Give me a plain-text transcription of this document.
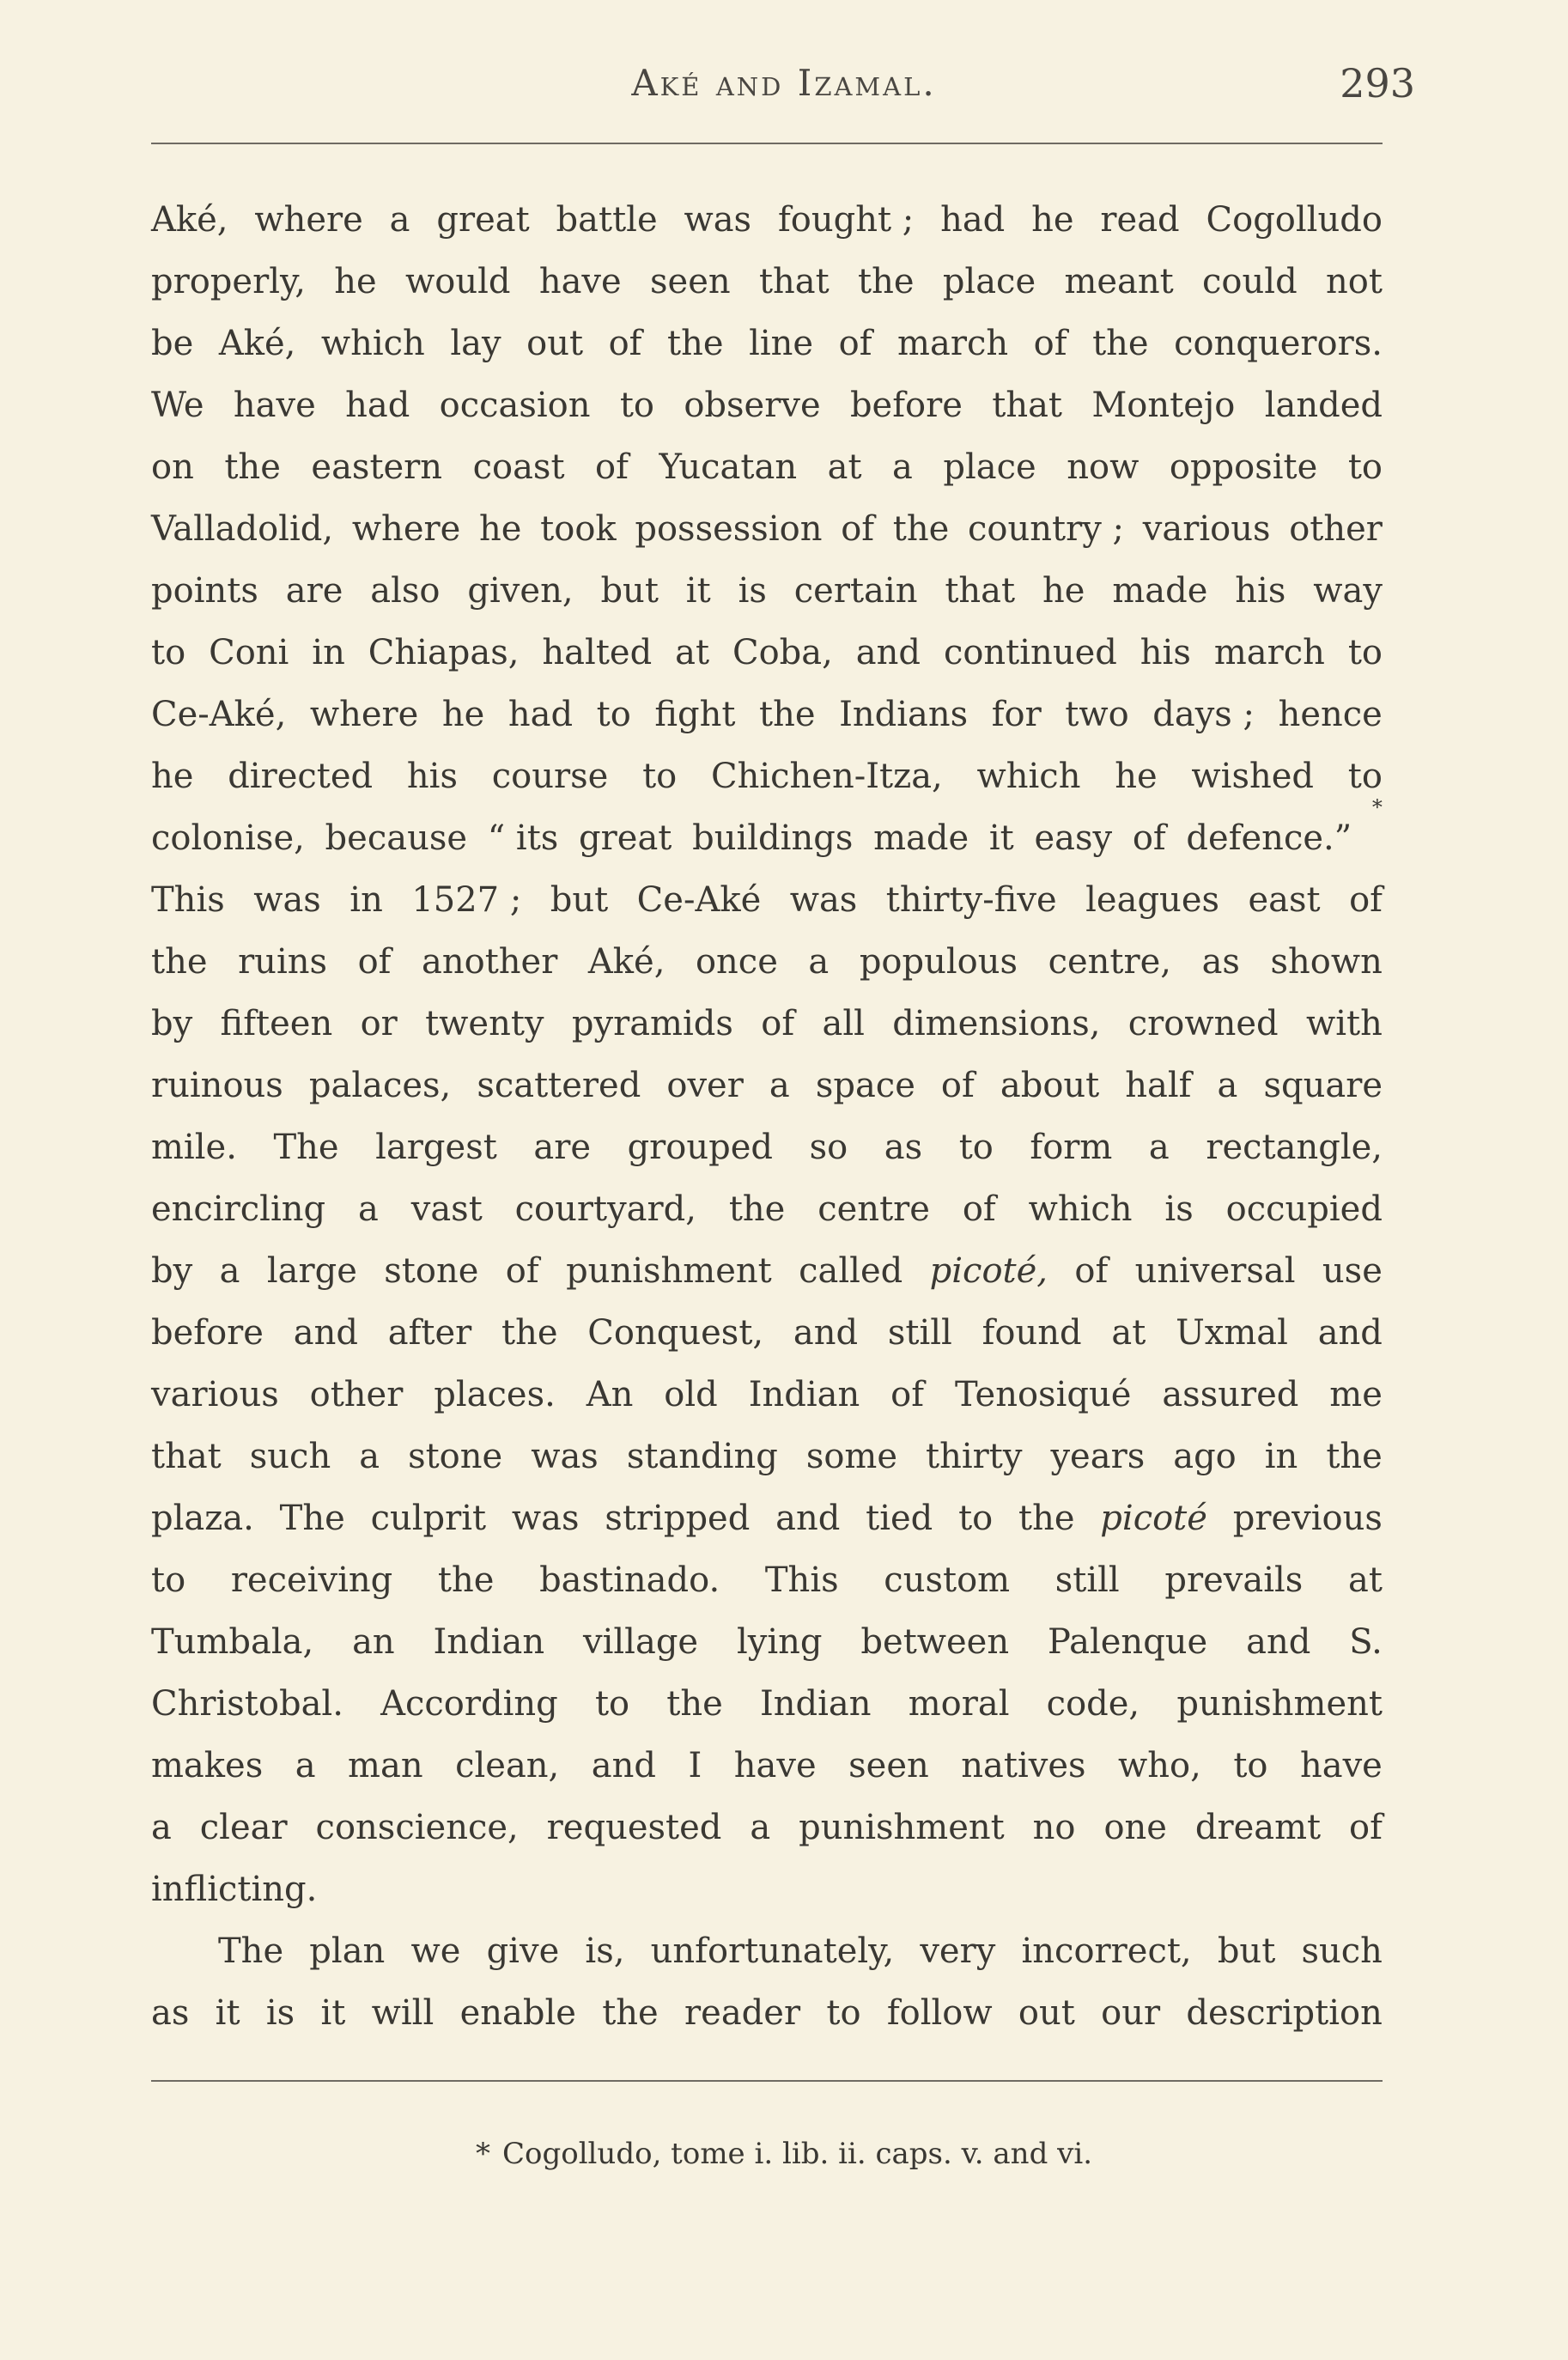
Aké and Izamal.	293
Aké, where a great battle was fought ; had he read Cogolludo
properly, he would have seen that the place meant could not
be Aké, which lay out of the line of march of the conquerors.
We have had occasion to observe before that Montejo landed
on the eastern coast of Yucatan at a place now opposite to
Valladolid, where he took possession of the country ; various other
points are also given, but it is certain that he made his way
to Coni in Chiapas, halted at Coba, and continued his march to
Ce-Aké, where he had to fight the Indians for two days ; hence
he directed his course to Chichen-Itza, which he wished to
colonise, because “ its great buildings made it easy of defence.”
*
This was in 1527 ; but Ce-Aké was thirty-five leagues east of
the ruins of another Aké, once a populous centre, as shown
by fifteen or twenty pyramids of all dimensions, crowned with
ruinous palaces, scattered over a space of about half a square
mile. The largest are grouped so as to form a rectangle,
encircling a vast courtyard, the centre of which is occupied
by a large stone of punishment called picoté, of universal use
before and after the Conquest, and still found at Uxmal and
various other places. An old Indian of Tenosiqué assured me
that such a stone was standing some thirty years ago in the
plaza. The culprit was stripped and tied to the picoté previous
to receiving the bastinado. This custom still prevails at
Tumbala, an Indian village lying between Palenque and S.
Christobal. According to the Indian moral code, punishment
makes a man clean, and I have seen natives who, to have
a clear conscience, requested a punishment no one dreamt of
inflicting.
The plan we give is, unfortunately, very incorrect, but such
as it is it will enable the reader to follow out our description
* Cogolludo, tome i. lib. ii. caps. v. and vi.
